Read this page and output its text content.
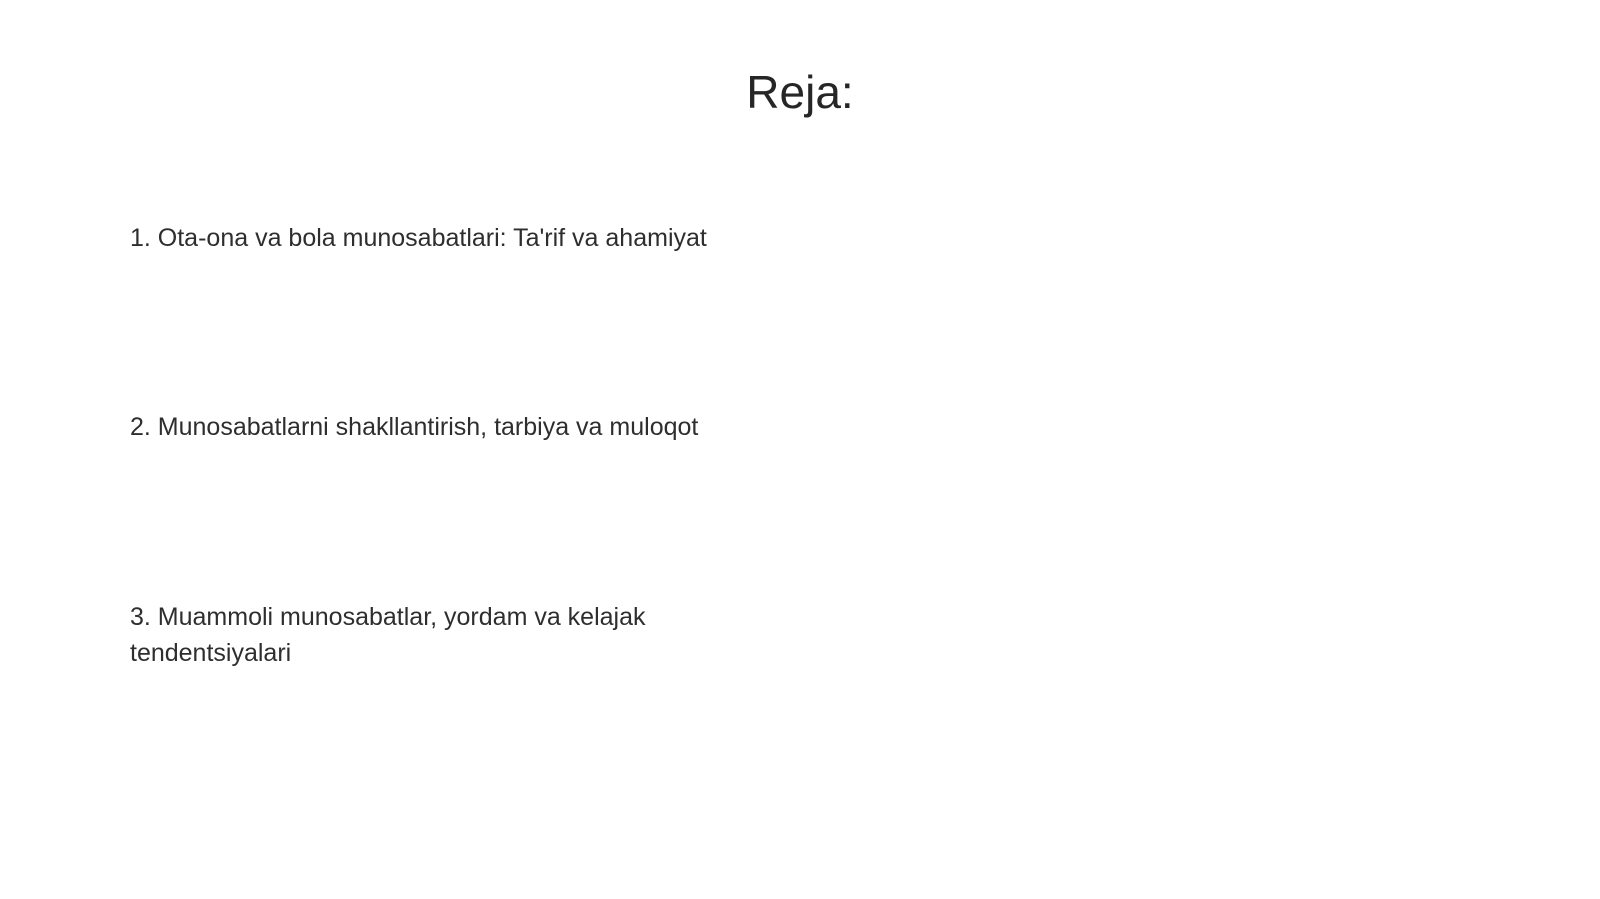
Reja:
1. Ota-ona va bola munosabatlari: Ta'rif va ahamiyat
2. Munosabatlarni shakllantirish, tarbiya va muloqot
3. Muammoli munosabatlar, yordam va kelajak tendentsiyalari
